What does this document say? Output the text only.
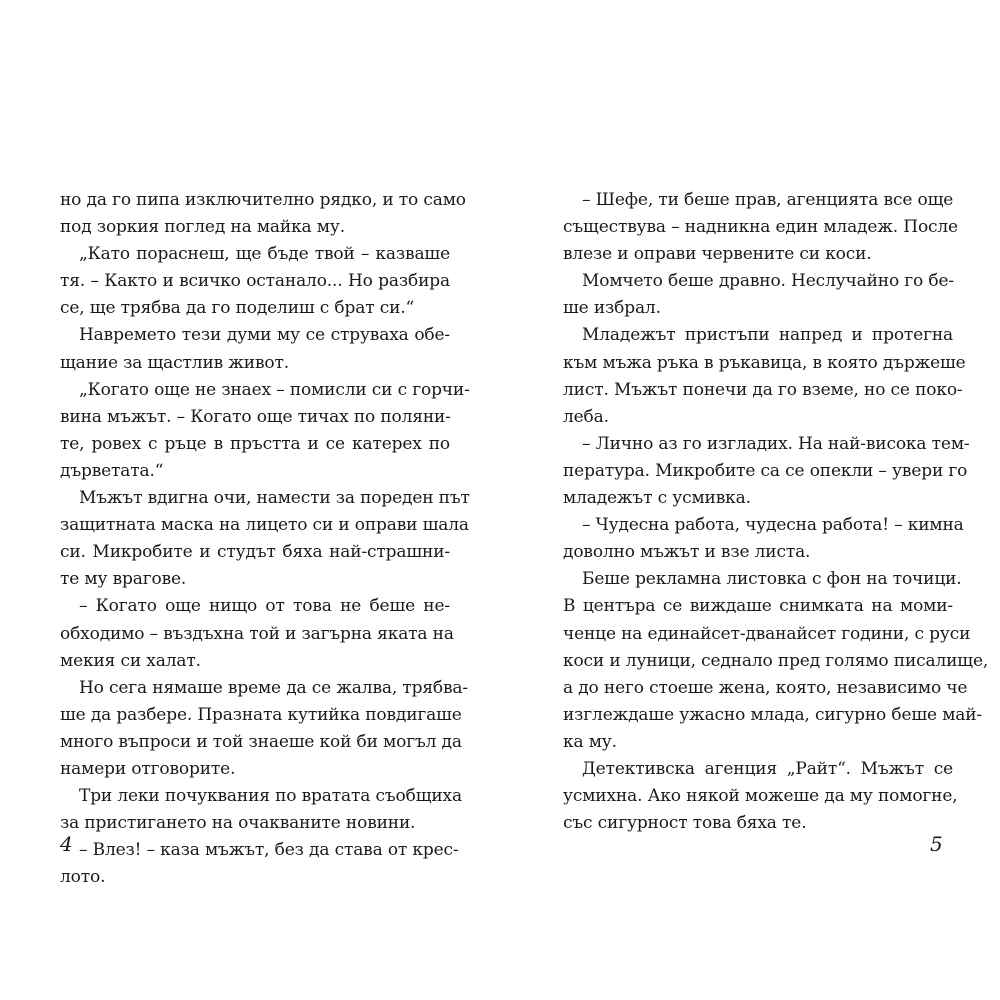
но да го пипа изключително рядко, и то само
под зоркия поглед на майка му.
„Като пораснеш, ще бъде твой – казваше
тя. – Както и всичко останало... Но разбира
се, ще трябва да го поделиш с брат си.“
Навремето тези думи му се струваха обе-
щание за щастлив живот.
„Когато още не знаех – помисли си с горчи-
вина мъжът. – Когато още тичах по поляни-
те, ровех с ръце в пръстта и се катерех по
дърветата.“
Мъжът вдигна очи, намести за пореден път
защитната маска на лицето си и оправи шала
си. Микробите и студът бяха най-страшни-
те му врагове.
– Когато още нищо от това не беше не-
обходимо – въздъхна той и загърна яката на
мекия си халат.
Но сега нямаше време да се жалва, трябва-
ше да разбере. Празната кутийка повдигаше
много въпроси и той знаеше кой би могъл да
намери отговорите.
Три леки почуквания по вратата съобщиха
за пристигането на очакваните новини.
– Влез! – каза мъжът, без да става от крес-
лото.
– Шефе, ти беше прав, агенцията все още
съществува – надникна един младеж. После
влезе и оправи червените си коси.
Момчето беше дравно. Неслучайно го бе-
ше избрал.
Младежът пристъпи напред и протегна
към мъжа ръка в ръкавица, в която държеше
лист. Мъжът понечи да го вземе, но се поко-
леба.
– Лично аз го изгладих. На най-висока тем-
пература. Микробите са се опекли – увери го
младежът с усмивка.
– Чудесна работа, чудесна работа! – кимна
доволно мъжът и взе листа.
Беше рекламна листовка с фон на точици.
В центъра се виждаше снимката на моми-
ченце на единайсет-дванайсет години, с руси
коси и луници, седнало пред голямо писалище,
а до него стоеше жена, която, независимо че
изглеждаше ужасно млада, сигурно беше май-
ка му.
Детективска агенция „Райт“. Мъжът се
усмихна. Ако някой можеше да му помогне,
със сигурност това бяха те.
4	5
